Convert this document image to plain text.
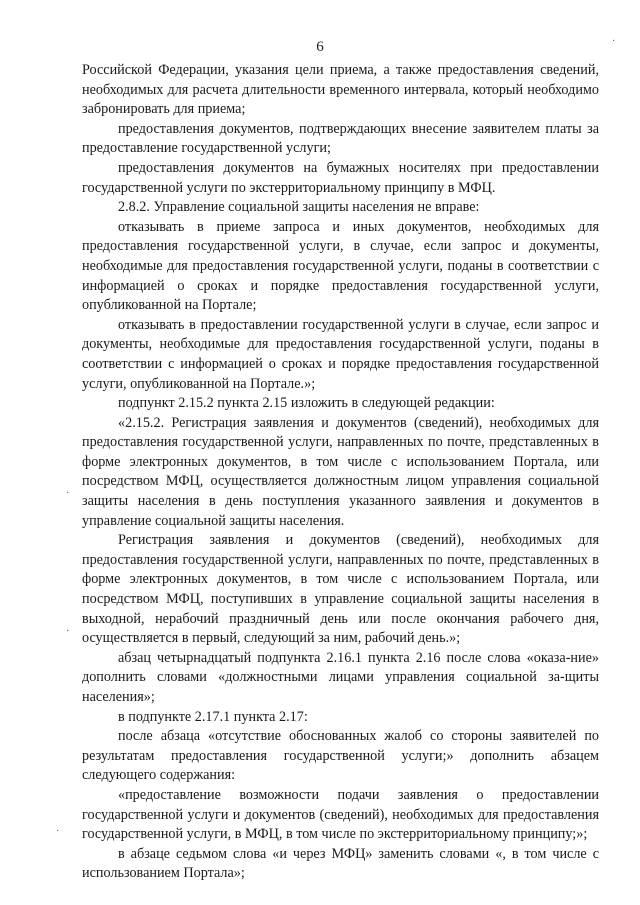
6	·
·
·
·

Российской Федерации, указания цели приема, а также предоставления сведений, необходимых для расчета длительности временного интервала, который необходимо забронировать для приема;

предоставления документов, подтверждающих внесение заявителем платы за предоставление государственной услуги;

предоставления документов на бумажных носителях при предоставлении государственной услуги по экстерриториальному принципу в МФЦ.

2.8.2. Управление социальной защиты населения не вправе:

отказывать в приеме запроса и иных документов, необходимых для предоставления государственной услуги, в случае, если запрос и документы, необходимые для предоставления государственной услуги, поданы в соответствии с информацией о сроках и порядке предоставления государственной услуги, опубликованной на Портале;

отказывать в предоставлении государственной услуги в случае, если запрос и документы, необходимые для предоставления государственной услуги, поданы в соответствии с информацией о сроках и порядке предоставления государственной услуги, опубликованной на Портале.»;

подпункт 2.15.2 пункта 2.15 изложить в следующей редакции:

«2.15.2. Регистрация заявления и документов (сведений), необходимых для предоставления государственной услуги, направленных по почте, представленных в форме электронных документов, в том числе с использованием Портала, или посредством МФЦ, осуществляется должностным лицом управления социальной защиты населения в день поступления указанного заявления и документов в управление социальной защиты населения.

Регистрация заявления и документов (сведений), необходимых для предоставления государственной услуги, направленных по почте, представленных в форме электронных документов, в том числе с использованием Портала, или посредством МФЦ, поступивших в управление социальной защиты населения в выходной, нерабочий праздничный день или после окончания рабочего дня, осуществляется в первый, следующий за ним, рабочий день.»;

абзац четырнадцатый подпункта 2.16.1 пункта 2.16 после слова «оказа-ние» дополнить словами «должностными лицами управления социальной за-щиты населения»;

в подпункте 2.17.1 пункта 2.17:

после абзаца «отсутствие обоснованных жалоб со стороны заявителей по результатам предоставления государственной услуги;» дополнить абзацем следующего содержания:

«предоставление возможности подачи заявления о предоставлении государственной услуги и документов (сведений), необходимых для предоставления государственной услуги, в МФЦ, в том числе по экстерриториальному принципу;»;

в абзаце седьмом слова «и через МФЦ» заменить словами «, в том числе с использованием Портала»;
